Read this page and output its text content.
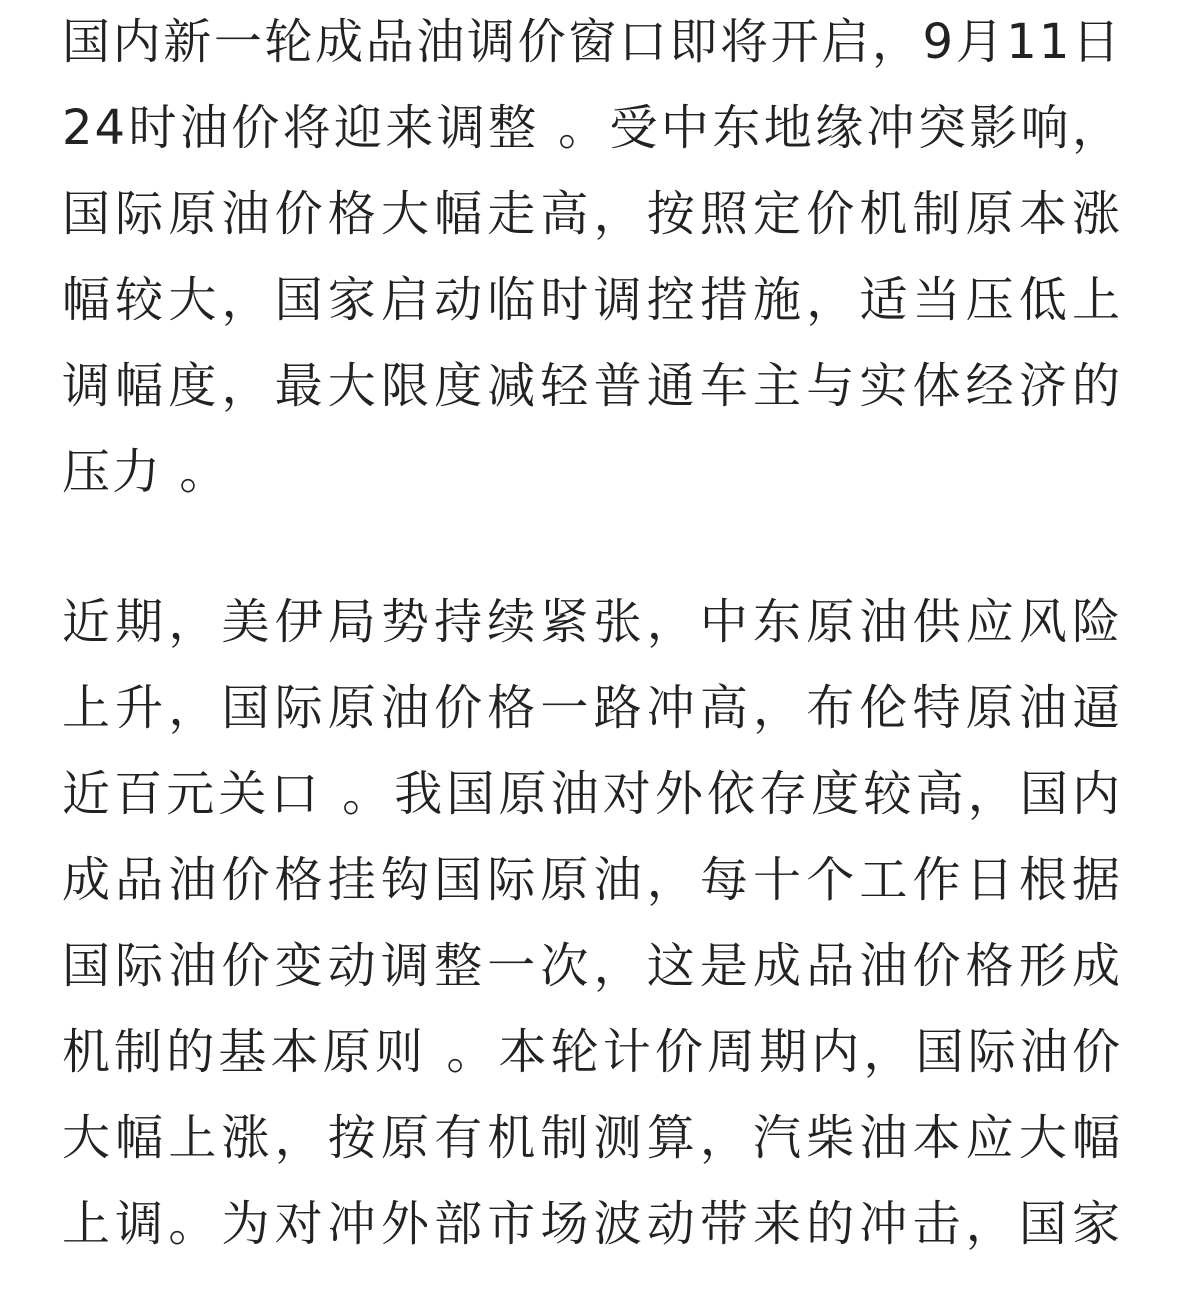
国内新一轮成品油调价窗口即将开启，9月11日
24时油价将迎来调整 。受中东地缘冲突影响，
国际原油价格大幅走高，按照定价机制原本涨
幅较大，国家启动临时调控措施，适当压低上
调幅度，最大限度减轻普通车主与实体经济的
压力 。
近期，美伊局势持续紧张，中东原油供应风险
上升，国际原油价格一路冲高，布伦特原油逼
近百元关口 。我国原油对外依存度较高，国内
成品油价格挂钩国际原油，每十个工作日根据
国际油价变动调整一次，这是成品油价格形成
机制的基本原则 。本轮计价周期内，国际油价
大幅上涨，按原有机制测算，汽柴油本应大幅
上调。为对冲外部市场波动带来的冲击，国家
